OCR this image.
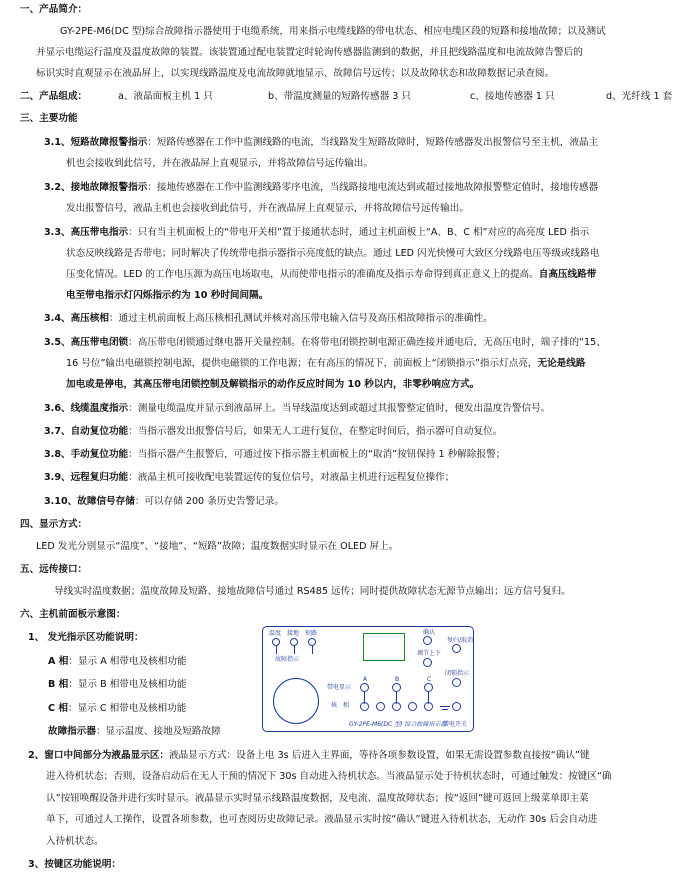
一、产品简介：
GY-2PE-M6(DC 型)综合故障指示器使用于电缆系统，用来指示电缆线路的带电状态、相应电缆区段的短路和接地故障；以及测试
并显示电缆运行温度及温度故障的装置。该装置通过配电装置定时轮询传感器监测到的数据，并且把线路温度和电流故障告警后的
标识实时直观显示在液晶屏上，以实现线路温度及电流故障就地显示、故障信号远传；以及故障状态和故障数据记录查阅。
二、产品组成：	a、液晶面板主机 1 只	b、带温度测量的短路传感器 3 只	c、接地传感器 1 只	d、光纤线 1 套
三、主要功能
3.1、短路故障报警指示：短路传感器在工作中监测线路的电流，当线路发生短路故障时，短路传感器发出报警信号至主机，液晶主
机也会接收到此信号，并在液晶屏上直观显示，并将故障信号远传输出。
3.2、接地故障报警指示：接地传感器在工作中监测线路零序电流，当线路接地电流达到或超过接地故障报警整定值时，接地传感器
发出报警信号，液晶主机也会接收到此信号，并在液晶屏上直观显示，并将故障信号远传输出。
3.3、高压带电指示：只有当主机面板上的“带电开关相”置于接通状态时，通过主机面板上“A、B、C 相”对应的高亮度 LED 指示
状态反映线路是否带电；同时解决了传统带电指示器指示亮度低的缺点。通过 LED 闪光快慢可大致区分线路电压等级或线路电
压变化情况。LED 的工作电压源为高压电场取电，从而使带电指示的准确度及指示寿命得到真正意义上的提高。自高压线路带
电至带电指示灯闪烁指示约为 10 秒时间间隔。
3.4、高压核相：通过主机前面板上高压核相孔测试并核对高压带电输入信号及高压相故障指示的准确性。
3.5、高压带电闭锁：高压带电闭锁通过继电器开关量控制。在将带电闭锁控制电源正确连接并通电后，无高压电时，端子排的“15、
16 号位”输出电磁锁控制电源，提供电磁锁的工作电源；在有高压的情况下，前面板上“闭锁指示”指示灯点亮，无论是线路
加电或是停电，其高压带电闭锁控制及解锁指示的动作反应时间为 10 秒以内，非零秒响应方式。
3.6、线缆温度指示：测量电缆温度并显示到液晶屏上。当导线温度达到或超过其报警整定值时，便发出温度告警信号。
3.7、自动复位功能：当指示器发出报警信号后，如果无人工进行复位，在整定时间后，指示器可自动复位。
3.8、手动复位功能：当指示器产生报警后，可通过按下指示器主机面板上的“取消”按钮保持 1 秒解除报警；
3.9、远程复归功能：液晶主机可接收配电装置远传的复位信号，对液晶主机进行远程复位操作；
3.10、故障信号存储：可以存储 200 条历史告警记录。
四、显示方式：
LED 发光分别显示“温度”、“接地”、“短路”故障；温度数据实时显示在 OLED 屏上。
五、远传接口：
导线实时温度数据；温度故障及短路、接地故障信号通过 RS485 远传；同时提供故障状态无源节点输出；远方信号复归。
六、主机前面板示意图：
1、 发光指示区功能说明：
A 相：显示 A 相带电及核相功能
B 相：显示 B 相带电及核相功能
C 相：显示 C 相带电及核相功能
故障指示器：显示温度、接地及短路故障
2、窗口中间部分为液晶显示区：液晶显示方式：设备上电 3s 后进入主界面，等待各项参数设置，如果无需设置参数直接按“确认”键
进入待机状态；否则，设备启动后在无人干预的情况下 30s 自动进入待机状态。当液晶显示处于待机状态时，可通过触发：按键区“确
认”按钮唤醒设备并进行实时显示。液晶显示实时显示线路温度数据，及电流、温度故障状态；按“返回”键可返回上级菜单即主菜
单下，可通过人工操作，设置各项参数，也可查阅历史故障记录。液晶显示实时按“确认”键进入待机状态，无动作 30s 后会自动进
入待机状态。
3、按键区功能说明：
温度 接地 短路
故障指示
确认
复归/取消
调节上下
闭锁指示
带电显示
A	B	C
核　相
GY-2PE-M6(DC 型) 综合故障指示器
带电开关
